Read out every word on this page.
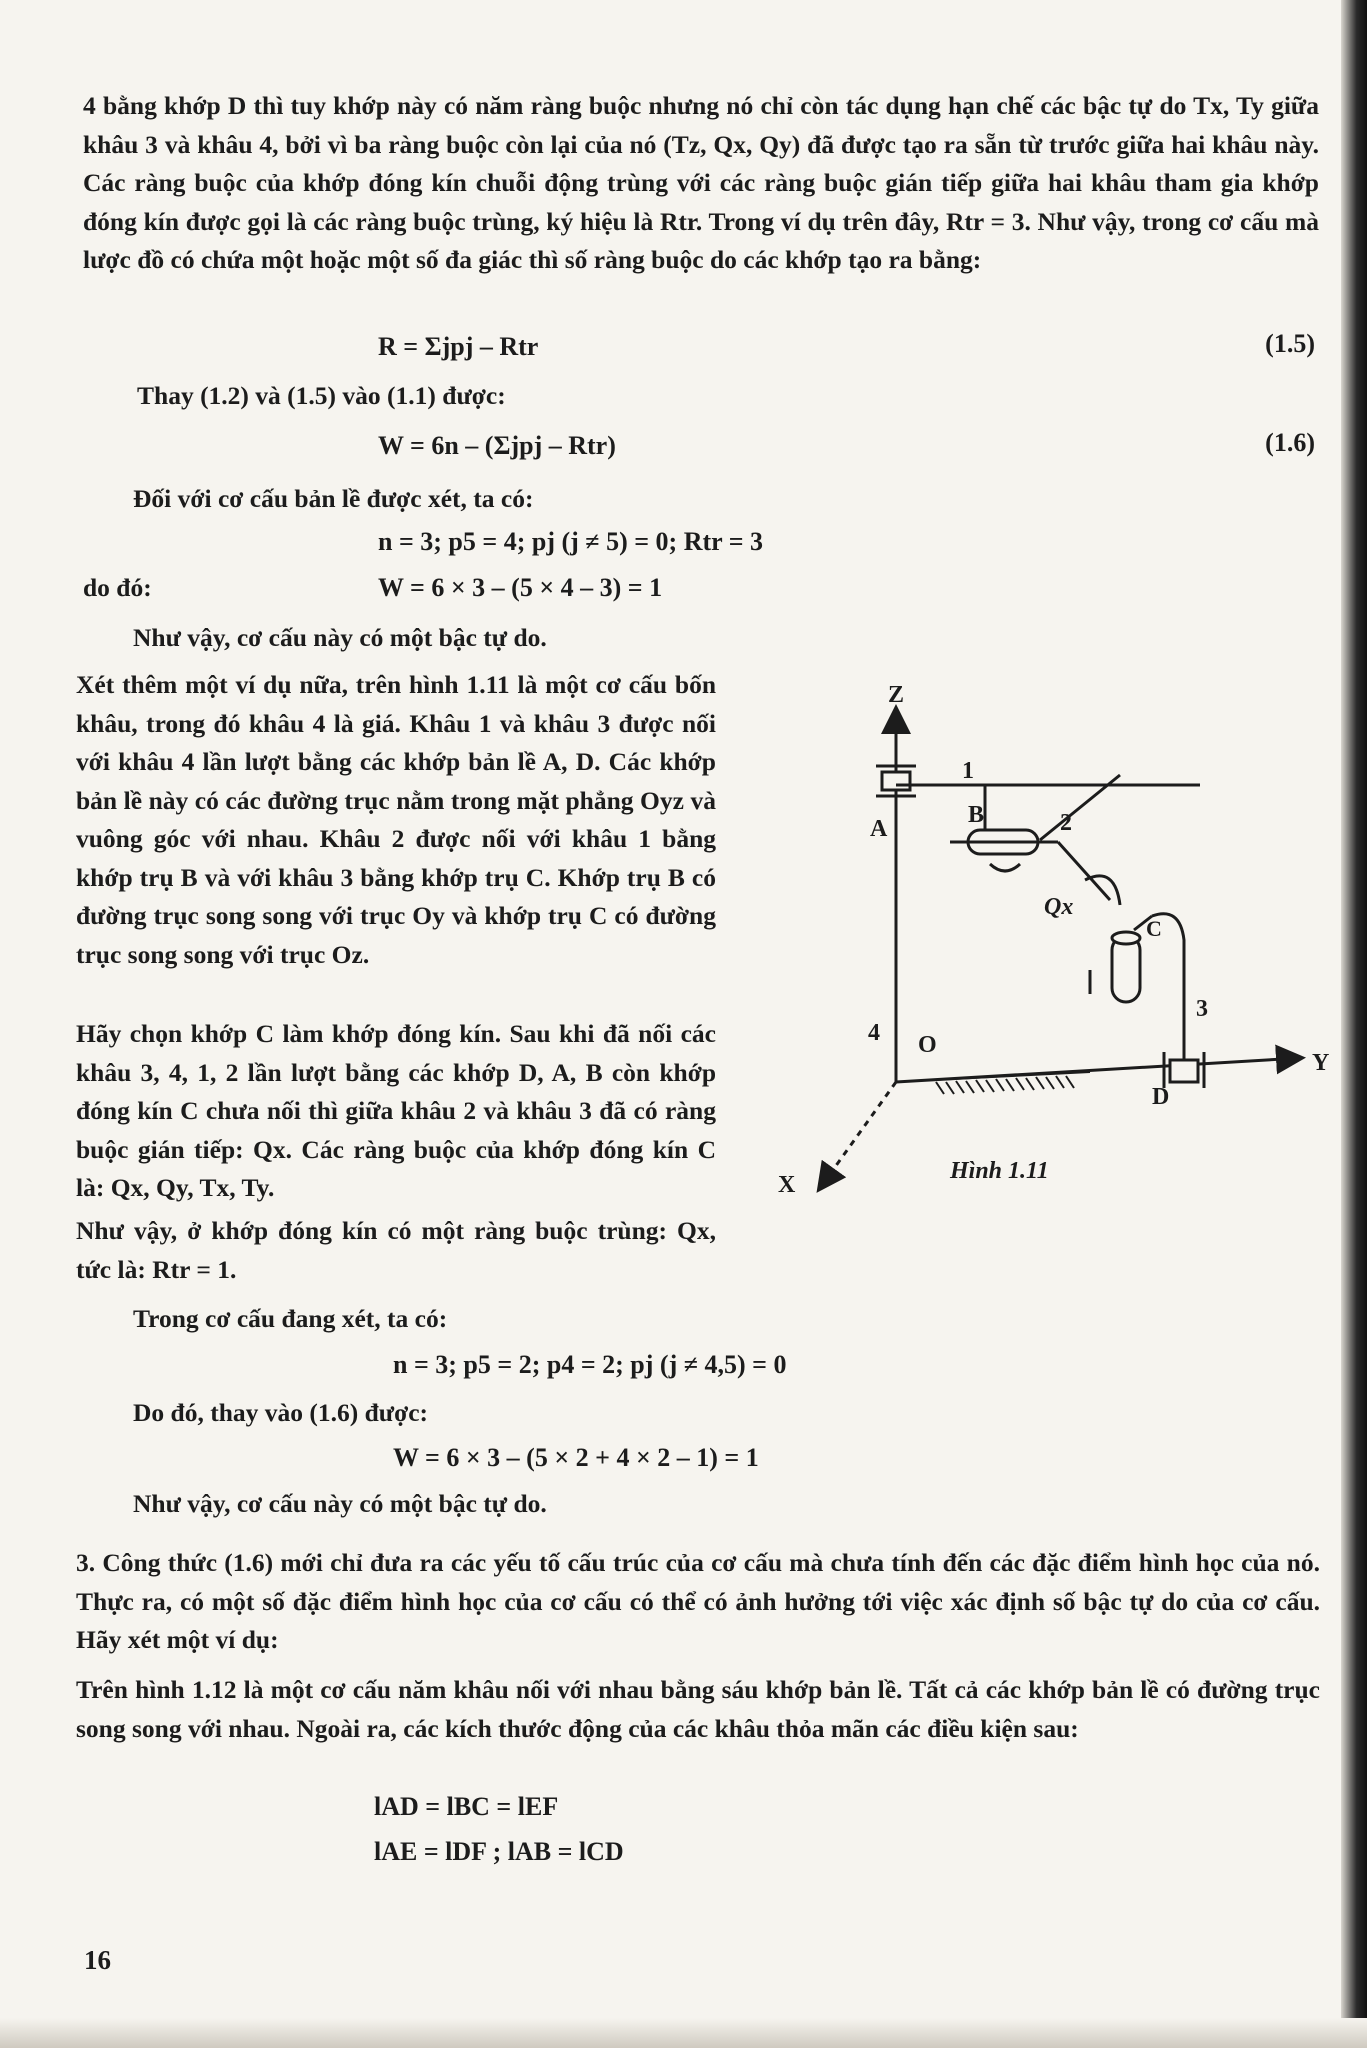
4 bằng khớp D thì tuy khớp này có năm ràng buộc nhưng nó chỉ còn tác dụng hạn chế các bậc tự do Tx, Ty giữa khâu 3 và khâu 4, bởi vì ba ràng buộc còn lại của nó (Tz, Qx, Qy) đã được tạo ra sẵn từ trước giữa hai khâu này. Các ràng buộc của khớp đóng kín chuỗi động trùng với các ràng buộc gián tiếp giữa hai khâu tham gia khớp đóng kín được gọi là các ràng buộc trùng, ký hiệu là Rtr. Trong ví dụ trên đây, Rtr = 3. Như vậy, trong cơ cấu mà lược đồ có chứa một hoặc một số đa giác thì số ràng buộc do các khớp tạo ra bằng:
R = Σjpj – Rtr	(1.5)
Thay (1.2) và (1.5) vào (1.1) được:
W = 6n – (Σjpj – Rtr)	(1.6)
Đối với cơ cấu bản lề được xét, ta có:
n = 3; p5 = 4; pj (j ≠ 5) = 0; Rtr = 3
do đó:	W = 6 × 3 – (5 × 4 – 3) = 1
Như vậy, cơ cấu này có một bậc tự do.
Xét thêm một ví dụ nữa, trên hình 1.11 là một cơ cấu bốn khâu, trong đó khâu 4 là giá. Khâu 1 và khâu 3 được nối với khâu 4 lần lượt bằng các khớp bản lề A, D. Các khớp bản lề này có các đường trục nằm trong mặt phẳng Oyz và vuông góc với nhau. Khâu 2 được nối với khâu 1 bằng khớp trụ B và với khâu 3 bằng khớp trụ C. Khớp trụ B có đường trục song song với trục Oy và khớp trụ C có đường trục song song với trục Oz.
Hãy chọn khớp C làm khớp đóng kín. Sau khi đã nối các khâu 3, 4, 1, 2 lần lượt bằng các khớp D, A, B còn khớp đóng kín C chưa nối thì giữa khâu 2 và khâu 3 đã có ràng buộc gián tiếp: Qx. Các ràng buộc của khớp đóng kín C là: Qx, Qy, Tx, Ty.
Như vậy, ở khớp đóng kín có một ràng buộc trùng: Qx, tức là: Rtr = 1.
Trong cơ cấu đang xét, ta có:
n = 3; p5 = 2; p4 = 2; pj (j ≠ 4,5) = 0
Do đó, thay vào (1.6) được:
W = 6 × 3 – (5 × 2 + 4 × 2 – 1) = 1
Như vậy, cơ cấu này có một bậc tự do.
3. Công thức (1.6) mới chỉ đưa ra các yếu tố cấu trúc của cơ cấu mà chưa tính đến các đặc điểm hình học của nó. Thực ra, có một số đặc điểm hình học của cơ cấu có thể có ảnh hưởng tới việc xác định số bậc tự do của cơ cấu. Hãy xét một ví dụ:
Trên hình 1.12 là một cơ cấu năm khâu nối với nhau bằng sáu khớp bản lề. Tất cả các khớp bản lề có đường trục song song với nhau. Ngoài ra, các kích thước động của các khâu thỏa mãn các điều kiện sau:
lAD = lBC = lEF
lAE = lDF ; lAB = lCD
16
Z
Y
X
O
1
2
3
4
A
B
C
D
Qx
Hình 1.11
